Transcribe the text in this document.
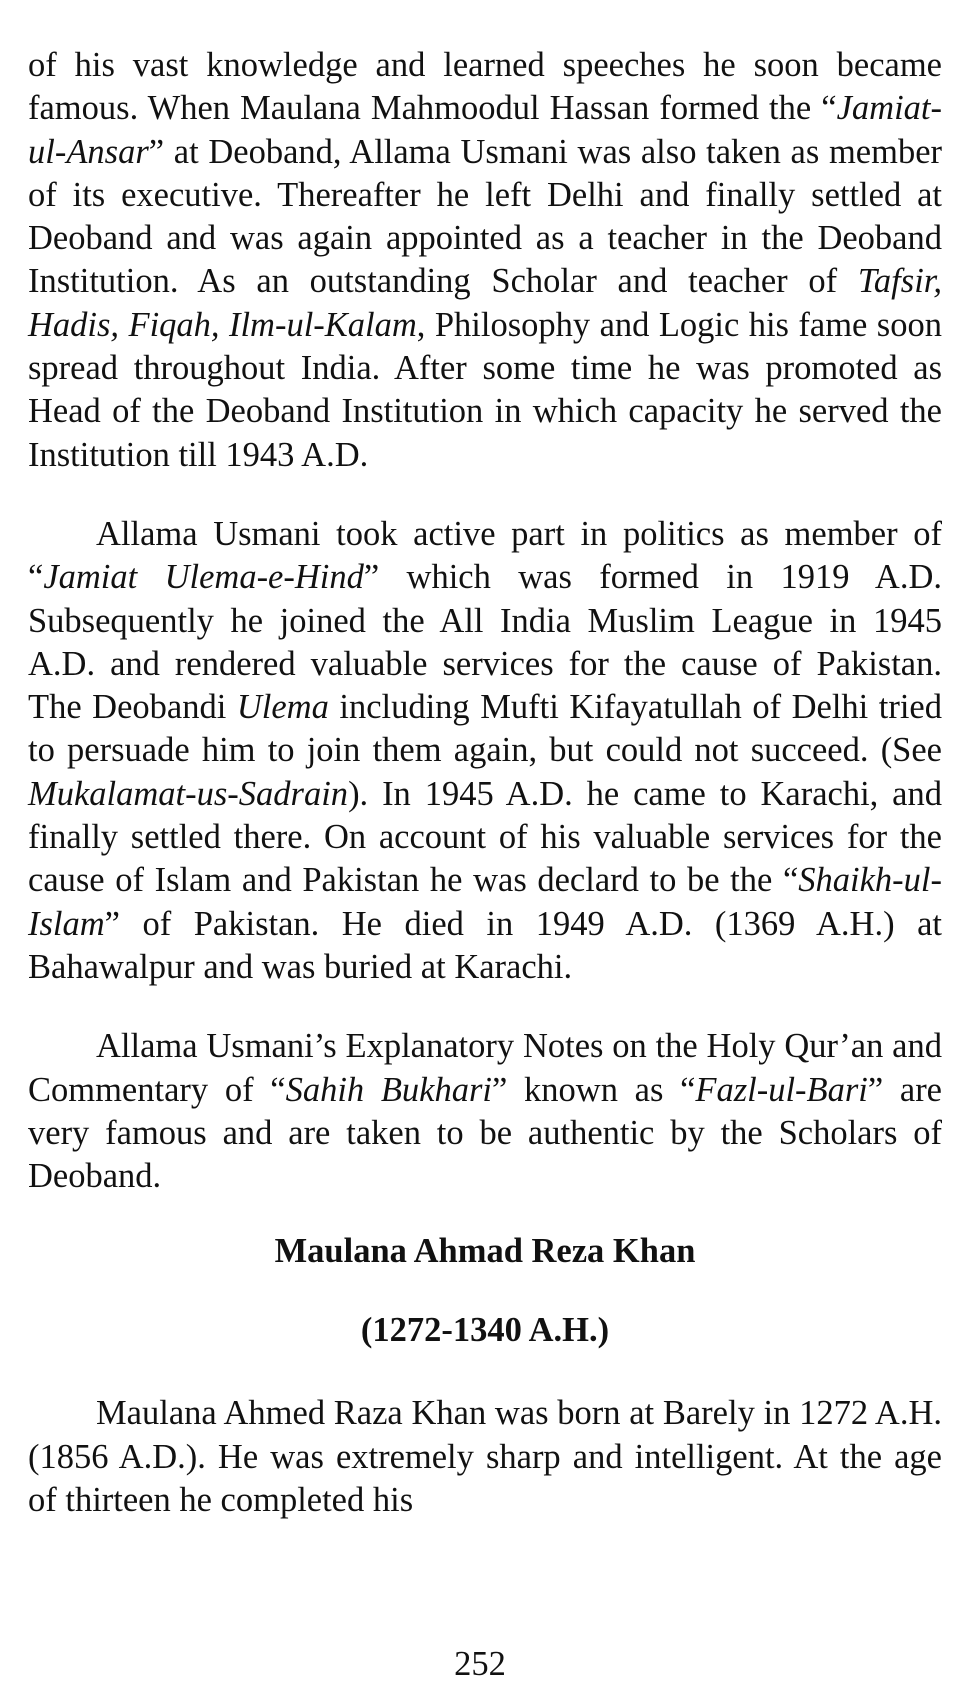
of his vast knowledge and learned speeches he soon became famous. When Maulana Mahmoodul Hassan formed the “Jamiat-ul-Ansar” at Deoband, Allama Usmani was also taken as member of its executive. Thereafter he left Delhi and finally settled at Deoband and was again appointed as a teacher in the Deoband Institution. As an outstanding Scholar and teacher of Tafsir, Hadis, Fiqah, Ilm-ul-Kalam, Philosophy and Logic his fame soon spread throughout India. After some time he was promoted as Head of the Deoband Institution in which capacity he served the Institution till 1943 A.D.

Allama Usmani took active part in politics as member of “Jamiat Ulema-e-Hind” which was formed in 1919 A.D. Subsequently he joined the All India Muslim League in 1945 A.D. and rendered valuable services for the cause of Pakistan. The Deobandi Ulema including Mufti Kifayatullah of Delhi tried to persuade him to join them again, but could not succeed. (See Mukalamat-us-Sadrain). In 1945 A.D. he came to Karachi, and finally settled there. On account of his valuable services for the cause of Islam and Pakistan he was declard to be the “Shaikh-ul-Islam” of Pakistan. He died in 1949 A.D. (1369 A.H.) at Bahawalpur and was buried at Karachi.

Allama Usmani’s Explanatory Notes on the Holy Qur’an and Commentary of “Sahih Bukhari” known as “Fazl-ul-Bari” are very famous and are taken to be authentic by the Scholars of Deoband.

Maulana Ahmad Reza Khan
(1272-1340 A.H.)

Maulana Ahmed Raza Khan was born at Barely in 1272 A.H. (1856 A.D.). He was extremely sharp and intelligent. At the age of thirteen he completed his

252
